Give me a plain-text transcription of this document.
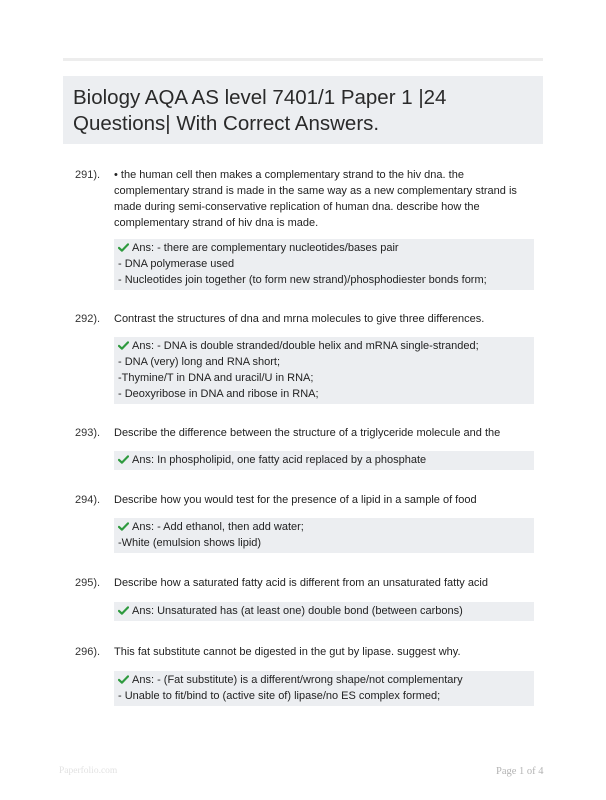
Biology AQA AS level 7401/1 Paper 1 |24 Questions| With Correct Answers.
291). • the human cell then makes a complementary strand to the hiv dna. the complementary strand is made in the same way as a new complementary strand is made during semi-conservative replication of human dna. describe how the complementary strand of hiv dna is made.
Ans: - there are complementary nucleotides/bases pair
- DNA polymerase used
- Nucleotides join together (to form new strand)/phosphodiester bonds form;
292). Contrast the structures of dna and mrna molecules to give three differences.
Ans: - DNA is double stranded/double helix and mRNA single-stranded;
- DNA (very) long and RNA short;
-Thymine/T in DNA and uracil/U in RNA;
- Deoxyribose in DNA and ribose in RNA;
293). Describe the difference between the structure of a triglyceride molecule and the
Ans: In phospholipid, one fatty acid replaced by a phosphate
294). Describe how you would test for the presence of a lipid in a sample of food
Ans: - Add ethanol, then add water;
-White (emulsion shows lipid)
295). Describe how a saturated fatty acid is different from an unsaturated fatty acid
Ans: Unsaturated has (at least one) double bond (between carbons)
296). This fat substitute cannot be digested in the gut by lipase. suggest why.
Ans: - (Fat substitute) is a different/wrong shape/not complementary
- Unable to fit/bind to (active site of) lipase/no ES complex formed;
Paperfolio.com	Page 1 of 4
